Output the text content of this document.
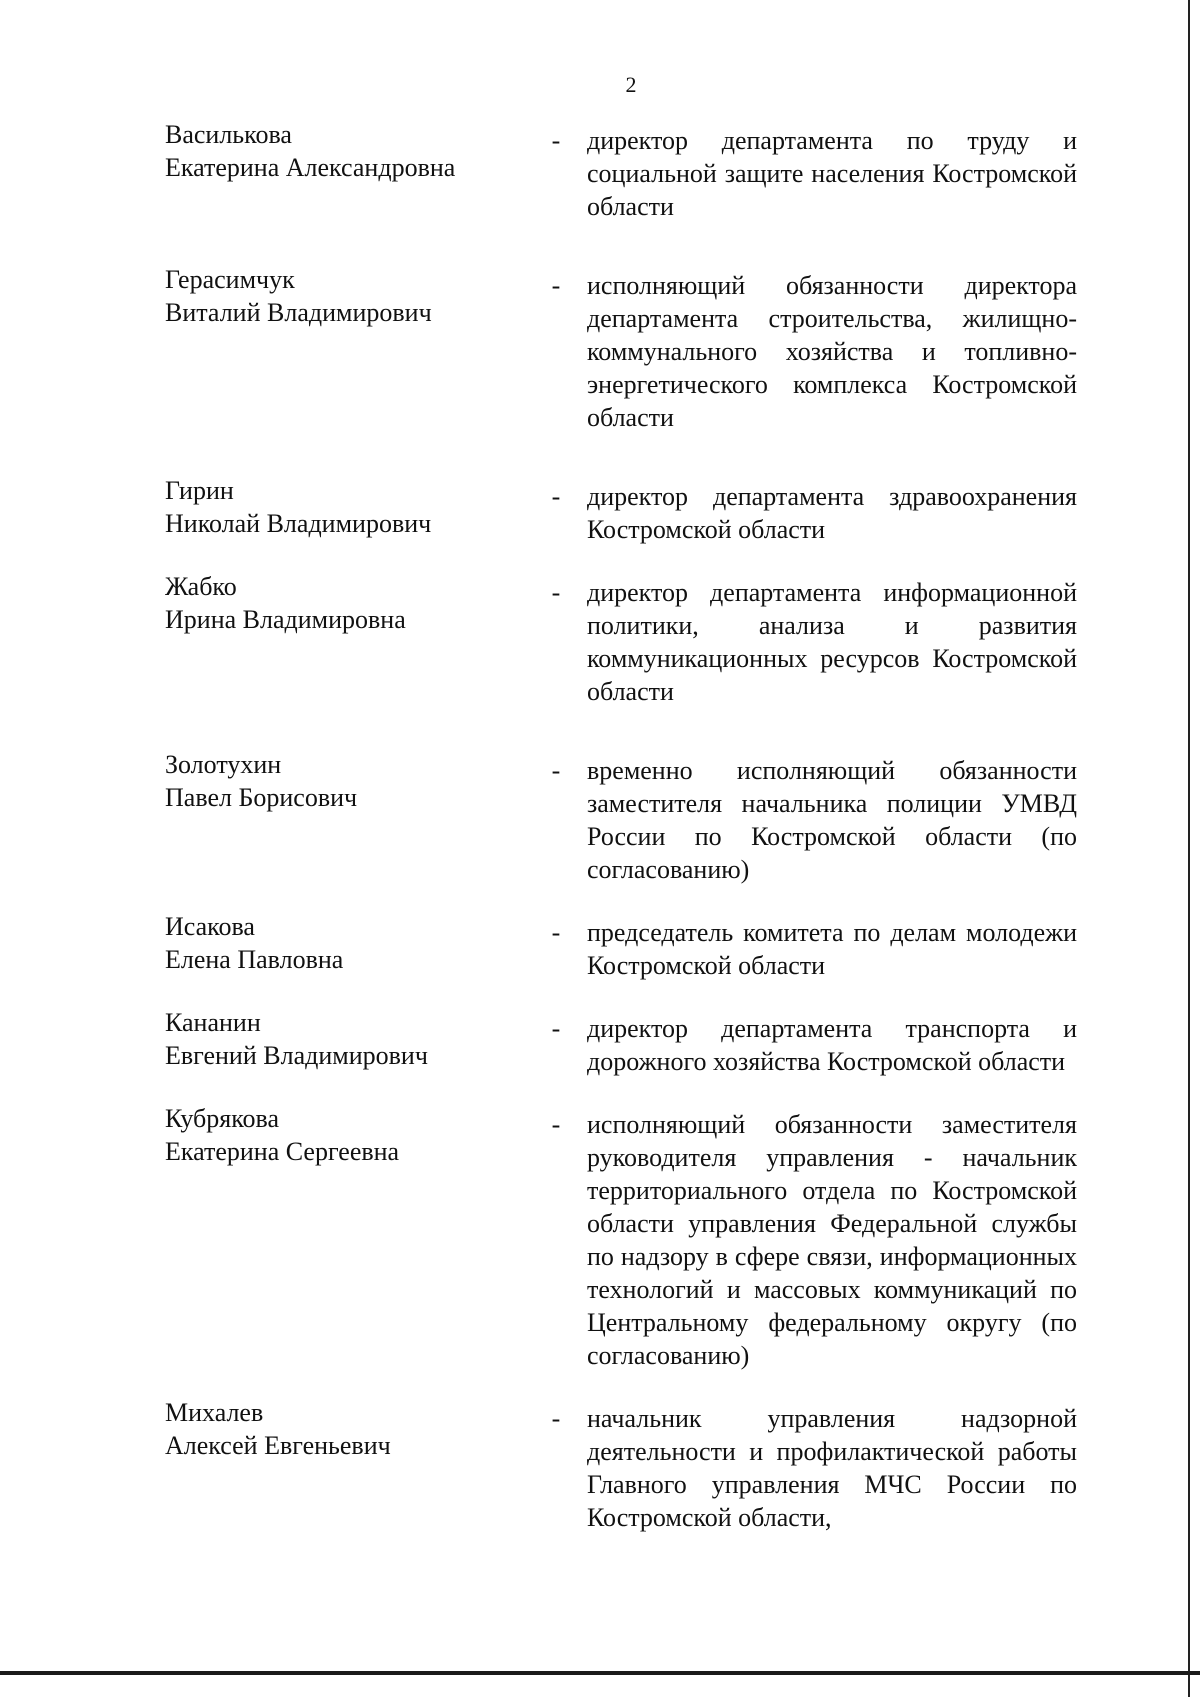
2
Василькова
Екатерина Александровна
-	директор департамента по труду и социальной защите населения Костромской области
Герасимчук
Виталий Владимирович
-	исполняющий обязанности директора департамента строительства, жилищно-коммунального хозяйства и топливно-энергетического комплекса Костромской области
Гирин
Николай Владимирович
-	директор департамента здравоохранения Костромской области
Жабко
Ирина Владимировна
-	директор департамента информационной политики, анализа и развития коммуникационных ресурсов Костромской области
Золотухин
Павел Борисович
-	временно исполняющий обязанности заместителя начальника полиции УМВД России по Костромской области (по согласованию)
Исакова
Елена Павловна
-	председатель комитета по делам молодежи Костромской области
Кананин
Евгений Владимирович
-	директор департамента транспорта и дорожного хозяйства Костромской области
Кубрякова
Екатерина Сергеевна
-	исполняющий обязанности заместителя руководителя управления - начальник территориального отдела по Костромской области управления Федеральной службы по надзору в сфере связи, информационных технологий и массовых коммуникаций по Центральному федеральному округу (по согласованию)
Михалев
Алексей Евгеньевич
-	начальник управления надзорной деятельности и профилактической работы Главного управления МЧС России по Костромской области,
